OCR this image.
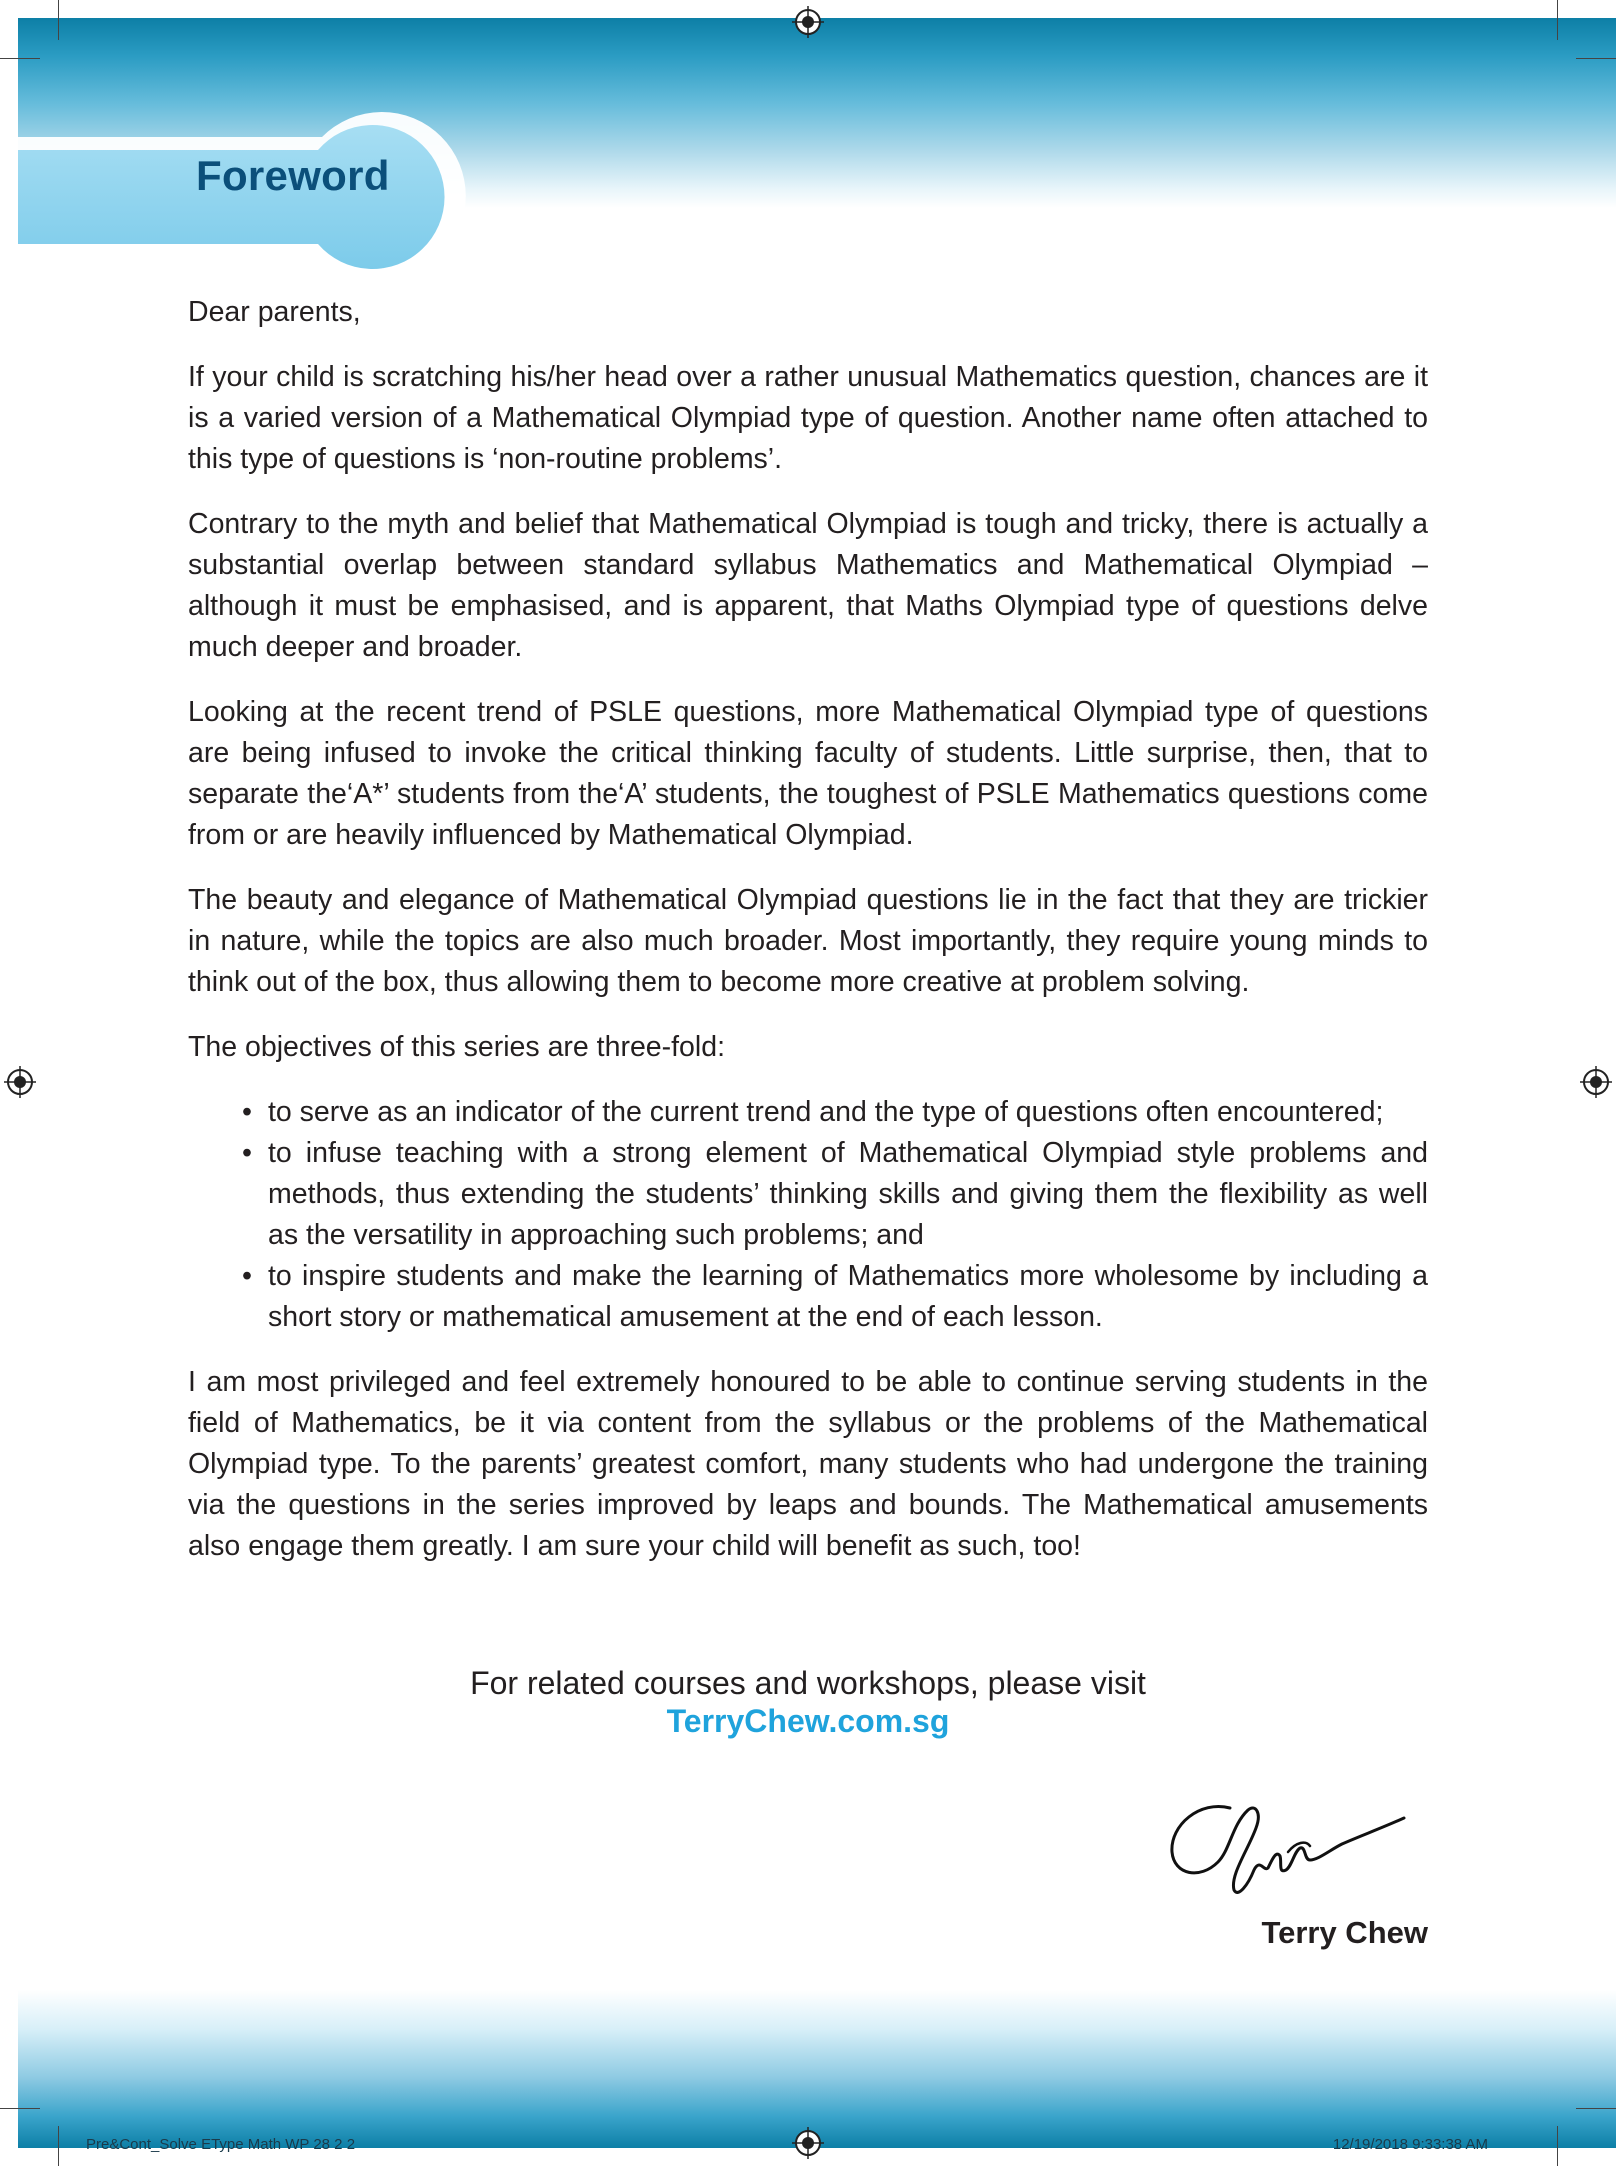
Foreword

Dear parents,

If your child is scratching his/her head over a rather unusual Mathematics question, chances are it is a varied version of a Mathematical Olympiad type of question. Another name often attached to this type of questions is ‘non-routine problems’.

Contrary to the myth and belief that Mathematical Olympiad is tough and tricky, there is actually a substantial overlap between standard syllabus Mathematics and Mathematical Olympiad – although it must be emphasised, and is apparent, that Maths Olympiad type of questions delve much deeper and broader.

Looking at the recent trend of PSLE questions, more Mathematical Olympiad type of questions are being infused to invoke the critical thinking faculty of students. Little surprise, then, that to separate the‘A*’ students from the‘A’ students, the toughest of PSLE Mathematics questions come from or are heavily influenced by Mathematical Olympiad.

The beauty and elegance of Mathematical Olympiad questions lie in the fact that they are trickier in nature, while the topics are also much broader. Most importantly, they require young minds to think out of the box, thus allowing them to become more creative at problem solving.

The objectives of this series are three-fold:

• to serve as an indicator of the current trend and the type of questions often encountered;
• to infuse teaching with a strong element of Mathematical Olympiad style problems and methods, thus extending the students’ thinking skills and giving them the flexibility as well as the versatility in approaching such problems; and
• to inspire students and make the learning of Mathematics more wholesome by including a short story or mathematical amusement at the end of each lesson.

I am most privileged and feel extremely honoured to be able to continue serving students in the field of Mathematics, be it via content from the syllabus or the problems of the Mathematical Olympiad type. To the parents’ greatest comfort, many students who had undergone the training via the questions in the series improved by leaps and bounds. The Mathematical amusements also engage them greatly. I am sure your child will benefit as such, too!

For related courses and workshops, please visit
TerryChew.com.sg
Terry Chew
Pre&Cont_Solve EType Math WP 28 2 2	12/19/2018 9:33:38 AM
